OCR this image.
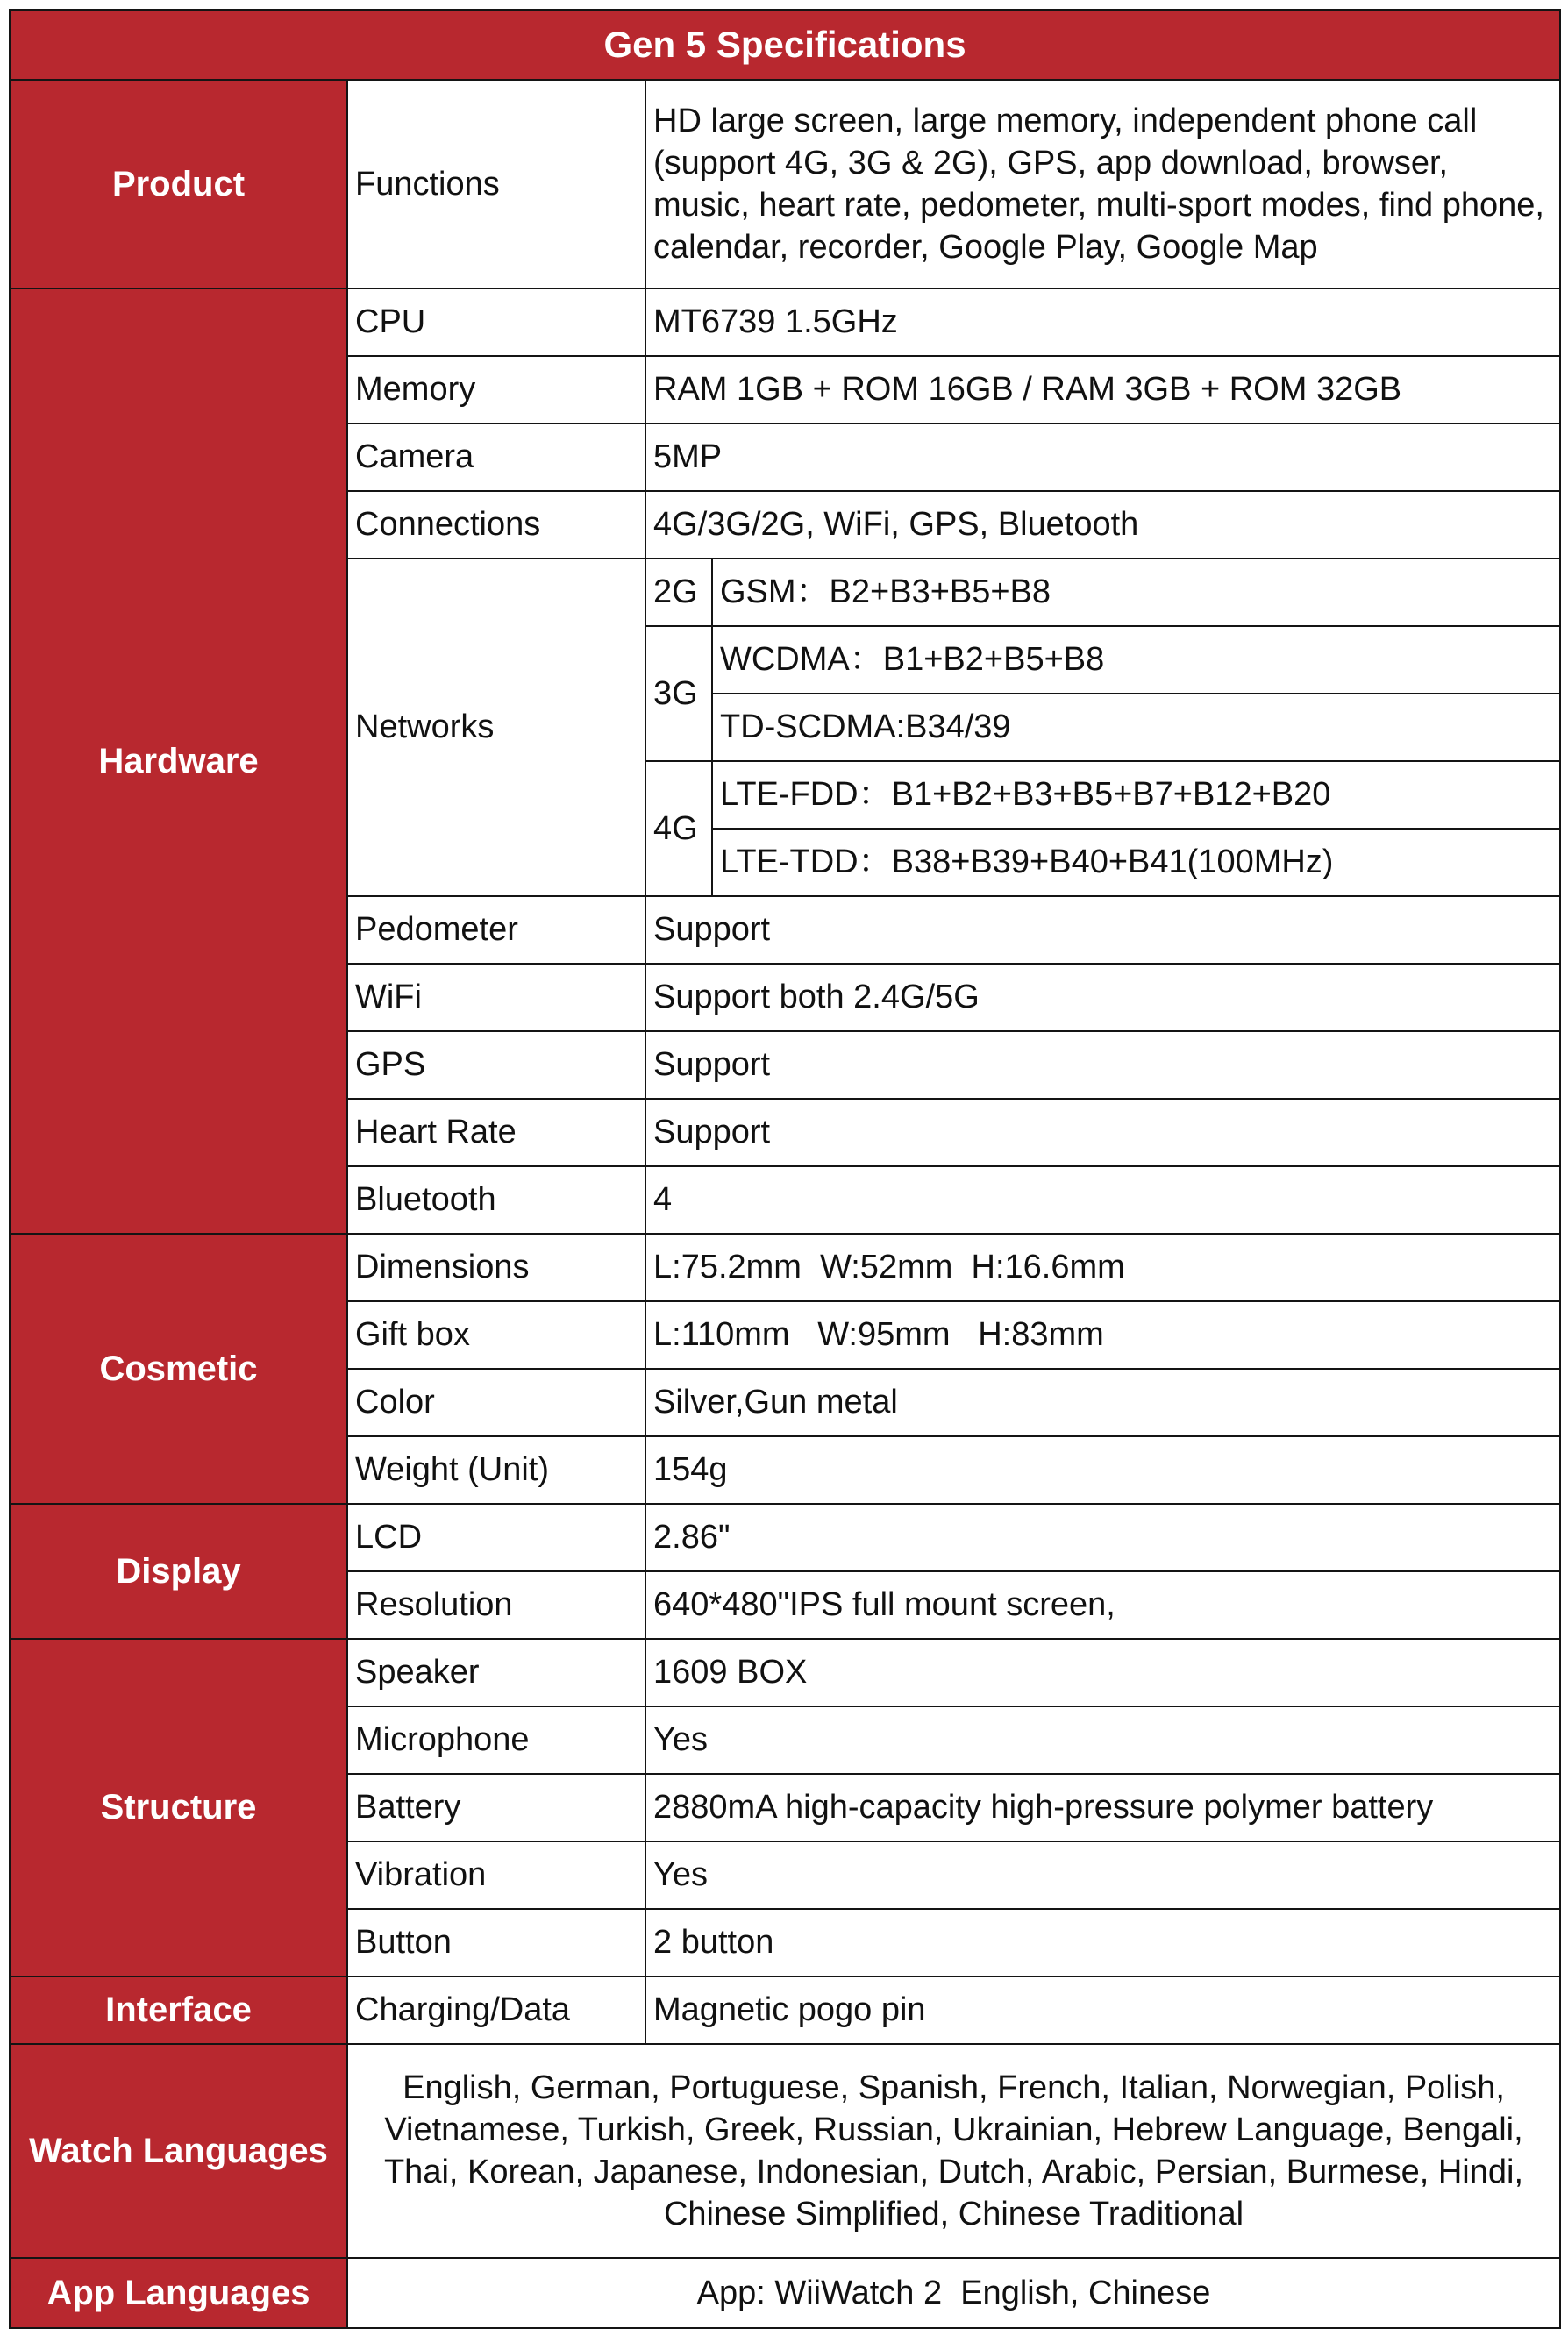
Gen 5 Specifications			
Product	Functions	HD large screen, large memory, independent phone call (support 4G, 3G & 2G), GPS, app download, browser, music, heart rate, pedometer, multi-sport modes, find phone, calendar, recorder, Google Play, Google Map	
Hardware	CPU	MT6739 1.5GHz	
	Memory	RAM 1GB + ROM 16GB / RAM 3GB + ROM 32GB	
	Camera	5MP	
	Connections	4G/3G/2G, WiFi, GPS, Bluetooth	
	Networks	2G	GSM：B2+B3+B5+B8
		3G	WCDMA：B1+B2+B5+B8
			TD-SCDMA:B34/39
		4G	LTE-FDD：B1+B2+B3+B5+B7+B12+B20
			LTE-TDD：B38+B39+B40+B41(100MHz)
	Pedometer	Support	
	WiFi	Support both 2.4G/5G	
	GPS	Support	
	Heart Rate	Support	
	Bluetooth	4	
Cosmetic	Dimensions	L:75.2mm  W:52mm  H:16.6mm	
	Gift box	L:110mm   W:95mm   H:83mm	
	Color	Silver,Gun metal	
	Weight (Unit)	154g	
Display	LCD	2.86"	
	Resolution	640*480"IPS full mount screen,	
Structure	Speaker	1609 BOX	
	Microphone	Yes	
	Battery	2880mA high-capacity high-pressure polymer battery	
	Vibration	Yes	
	Button	2 button	
Interface	Charging/Data	Magnetic pogo pin	
Watch Languages	English, German, Portuguese, Spanish, French, Italian, Norwegian, Polish, Vietnamese, Turkish, Greek, Russian, Ukrainian, Hebrew Language, Bengali, Thai, Korean, Japanese, Indonesian, Dutch, Arabic, Persian, Burmese, Hindi, Chinese Simplified, Chinese Traditional		
App Languages	App: WiiWatch 2  English, Chinese		
